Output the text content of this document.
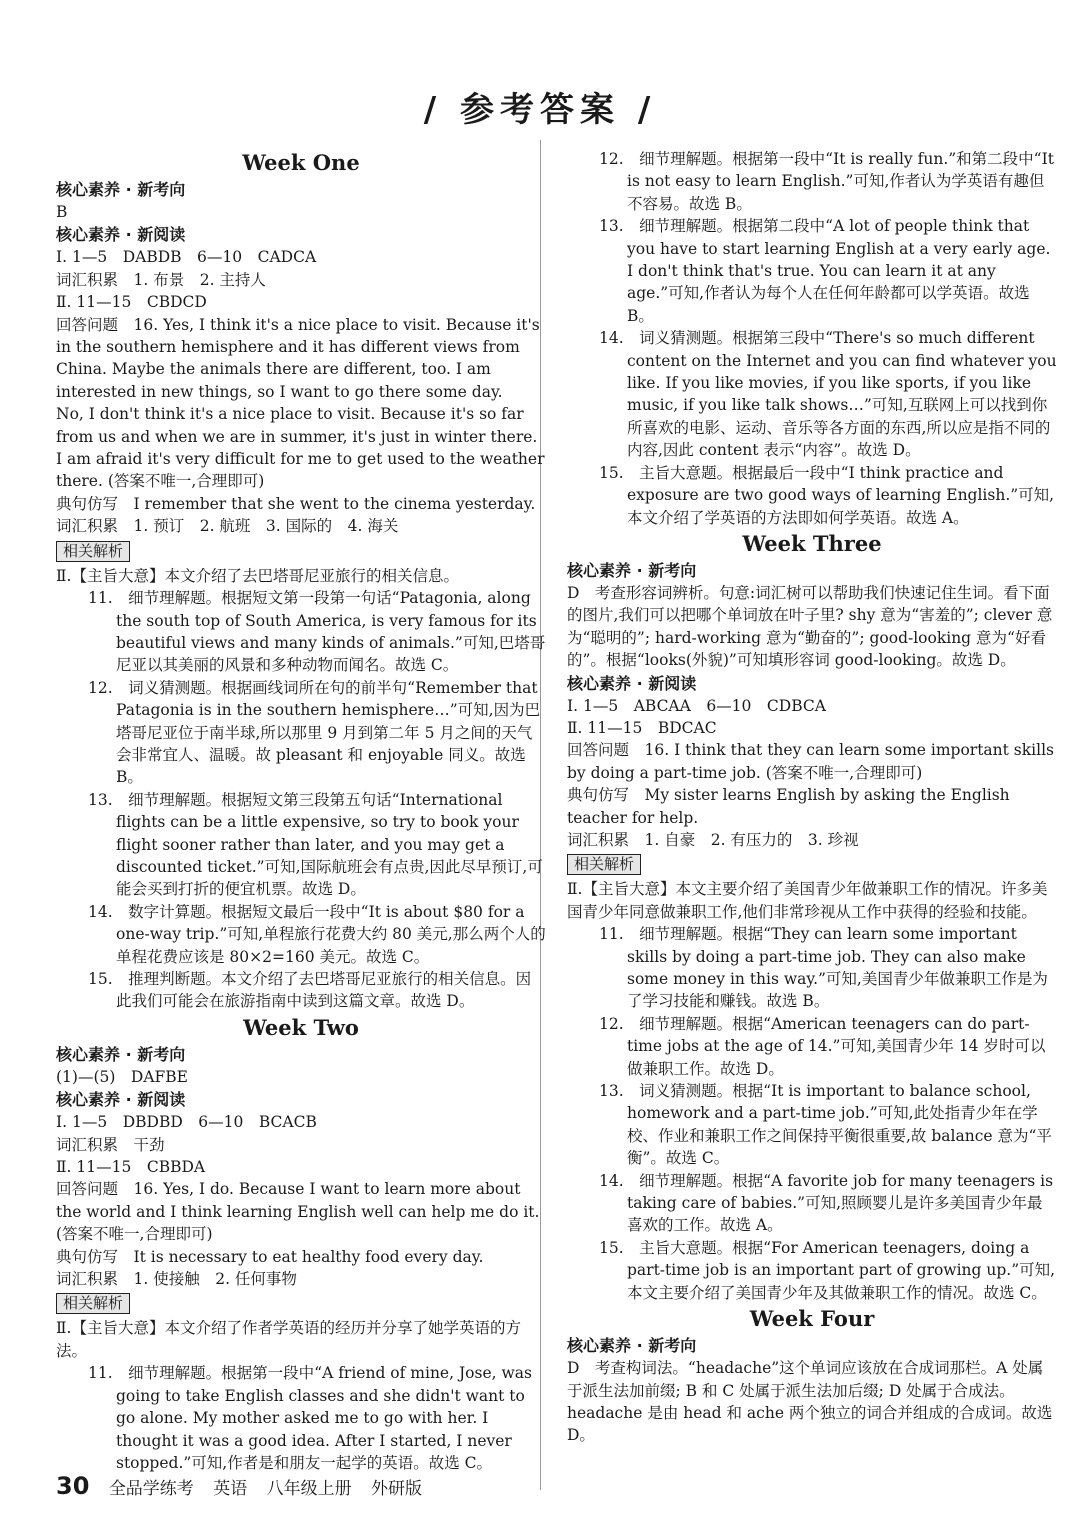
/ 参考答案 /

Week One

核心素养 · 新考向

B

核心素养 · 新阅读

Ⅰ. 1—5　DABDB　6—10　CADCA

词汇积累　1. 布景　2. 主持人

Ⅱ. 11—15　CBDCD

回答问题　16. Yes, I think it's a nice place to visit. Because it's in the southern hemisphere and it has different views from China. Maybe the animals there are different, too. I am interested in new things, so I want to go there some day.

No, I don't think it's a nice place to visit. Because it's so far from us and when we are in summer, it's just in winter there. I am afraid it's very difficult for me to get used to the weather there. (答案不唯一,合理即可)

典句仿写　I remember that she went to the cinema yesterday.

词汇积累　1. 预订　2. 航班　3. 国际的　4. 海关

相关解析

Ⅱ.【主旨大意】本文介绍了去巴塔哥尼亚旅行的相关信息。

11.　细节理解题。根据短文第一段第一句话“Patagonia, along the south top of South America, is very famous for its beautiful views and many kinds of animals.”可知,巴塔哥尼亚以其美丽的风景和多种动物而闻名。故选 C。

12.　词义猜测题。根据画线词所在句的前半句“Remember that Patagonia is in the southern hemisphere…”可知,因为巴塔哥尼亚位于南半球,所以那里 9 月到第二年 5 月之间的天气会非常宜人、温暖。故 pleasant 和 enjoyable 同义。故选 B。

13.　细节理解题。根据短文第三段第五句话“International flights can be a little expensive, so try to book your flight sooner rather than later, and you may get a discounted ticket.”可知,国际航班会有点贵,因此尽早预订,可能会买到打折的便宜机票。故选 D。

14.　数字计算题。根据短文最后一段中“It is about $80 for a one-way trip.”可知,单程旅行花费大约 80 美元,那么两个人的单程花费应该是 80×2=160 美元。故选 C。

15.　推理判断题。本文介绍了去巴塔哥尼亚旅行的相关信息。因此我们可能会在旅游指南中读到这篇文章。故选 D。

Week Two

核心素养 · 新考向

(1)—(5)　DAFBE

核心素养 · 新阅读

Ⅰ. 1—5　DBDBD　6—10　BCACB

词汇积累　干劲

Ⅱ. 11—15　CBBDA

回答问题　16. Yes, I do. Because I want to learn more about the world and I think learning English well can help me do it. (答案不唯一,合理即可)

典句仿写　It is necessary to eat healthy food every day.

词汇积累　1. 使接触　2. 任何事物

相关解析

Ⅱ.【主旨大意】本文介绍了作者学英语的经历并分享了她学英语的方法。

11.　细节理解题。根据第一段中“A friend of mine, Jose, was going to take English classes and she didn't want to go alone. My mother asked me to go with her. I thought it was a good idea. After I started, I never stopped.”可知,作者是和朋友一起学的英语。故选 C。

12.　细节理解题。根据第一段中“It is really fun.”和第二段中“It is not easy to learn English.”可知,作者认为学英语有趣但不容易。故选 B。

13.　细节理解题。根据第二段中“A lot of people think that you have to start learning English at a very early age. I don't think that's true. You can learn it at any age.”可知,作者认为每个人在任何年龄都可以学英语。故选 B。

14.　词义猜测题。根据第三段中“There's so much different content on the Internet and you can find whatever you like. If you like movies, if you like sports, if you like music, if you like talk shows…”可知,互联网上可以找到你所喜欢的电影、运动、音乐等各方面的东西,所以应是指不同的内容,因此 content 表示“内容”。故选 D。

15.　主旨大意题。根据最后一段中“I think practice and exposure are two good ways of learning English.”可知,本文介绍了学英语的方法即如何学英语。故选 A。

Week Three

核心素养 · 新考向

D　考查形容词辨析。句意:词汇树可以帮助我们快速记住生词。看下面的图片,我们可以把哪个单词放在叶子里? shy 意为“害羞的”; clever 意为“聪明的”; hard-working 意为“勤奋的”; good-looking 意为“好看的”。根据“looks(外貌)”可知填形容词 good-looking。故选 D。

核心素养 · 新阅读

Ⅰ. 1—5　ABCAA　6—10　CDBCA

Ⅱ. 11—15　BDCAC

回答问题　16. I think that they can learn some important skills by doing a part-time job. (答案不唯一,合理即可)

典句仿写　My sister learns English by asking the English teacher for help.

词汇积累　1. 自豪　2. 有压力的　3. 珍视

相关解析

Ⅱ.【主旨大意】本文主要介绍了美国青少年做兼职工作的情况。许多美国青少年同意做兼职工作,他们非常珍视从工作中获得的经验和技能。

11.　细节理解题。根据“They can learn some important skills by doing a part-time job. They can also make some money in this way.”可知,美国青少年做兼职工作是为了学习技能和赚钱。故选 B。

12.　细节理解题。根据“American teenagers can do part-time jobs at the age of 14.”可知,美国青少年 14 岁时可以做兼职工作。故选 D。

13.　词义猜测题。根据“It is important to balance school, homework and a part-time job.”可知,此处指青少年在学校、作业和兼职工作之间保持平衡很重要,故 balance 意为“平衡”。故选 C。

14.　细节理解题。根据“A favorite job for many teenagers is taking care of babies.”可知,照顾婴儿是许多美国青少年最喜欢的工作。故选 A。

15.　主旨大意题。根据“For American teenagers, doing a part-time job is an important part of growing up.”可知,本文主要介绍了美国青少年及其做兼职工作的情况。故选 C。

Week Four

核心素养 · 新考向

D　考查构词法。“headache”这个单词应该放在合成词那栏。A 处属于派生法加前缀; B 和 C 处属于派生法加后缀; D 处属于合成法。headache 是由 head 和 ache 两个独立的词合并组成的合成词。故选 D。

30 全品学练考 英语 八年级上册 外研版
